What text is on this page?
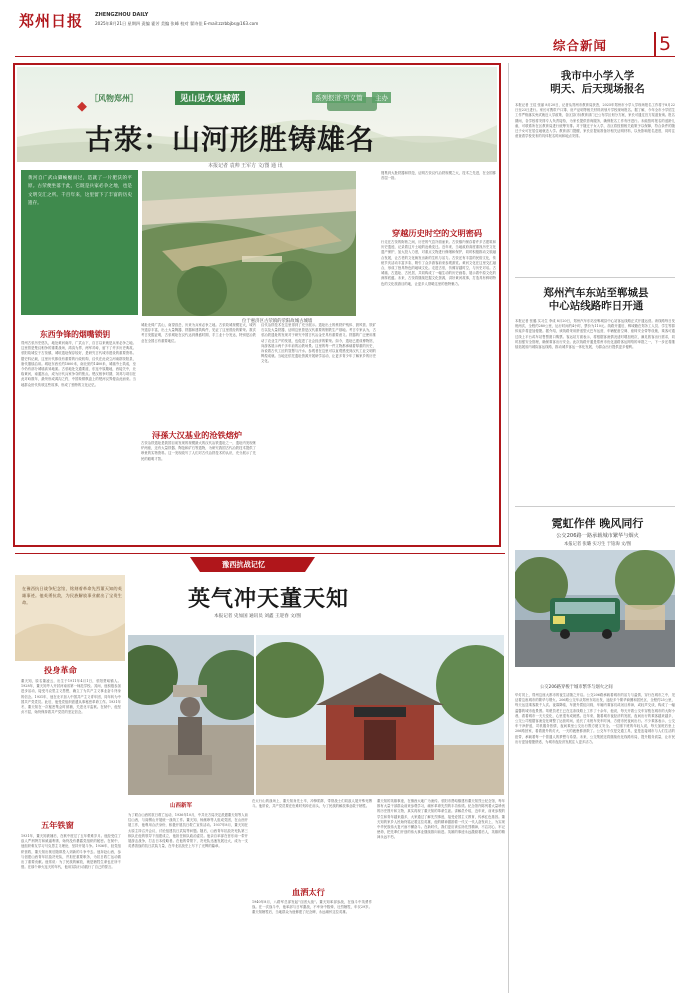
郑州日报 ZHENGZHOU DAILY
2025年8月21日 星期四 责编 霍芳 美编 张峰 校对 翟诗佳 E-mail:zzrbbjbs@163.com
综合新闻	5
［风物郑州］	见山见水见城郭	系列报道·巩义篇	主办
古荥：山河形胜铸雄名
本报记者 袁帅 王军方 文/图 通 讯
黄河自广武山脚蜿蜒而过，造就了一片肥沃的平原。古荥便坐落于此，它既是兵家必争之地，也是文明交汇之所。千百年来，这里留下了丰富的历史遗存。
位于惠济区古荥镇的荥阳故城古城墙
东西争锋的烟嘴锁钥
郑州古荥历史悠久，地处黄河南岸，广武山下，自古以来就是兵家必争之地。这里曾是楚汉相争的重要战场，鸿沟为界，两军对峙，留下了许多历史典故。荥阳故城位于古荥镇，城垣遗址保存较好，是研究古代城市建设的重要资料。据史料记载，这里历代都设有重要的行政机构，汉代在此设立河南郡荥阳县，唐代继续沿用。城址东西长约1800米，南北宽约1400米，城墙夯土筑成，至今仍有部分城墙高耸地面。古荥地处交通要道，东连中原腹地，西接关中，北临黄河，南通嵩山，成为历代兵家争夺的焦点。楚汉相争时期，刘邦与项羽在此对峙数年，最终形成鸿沟之约，中国象棋棋盘上的楚河汉界便由此而来。当地群众世代传颂这些故事，形成了独特的文化记忆。
城址北倚广武山，南望嵩岳，历来为兵家必争之地。古荥故城规模宏大，城内外遗存丰富，出土大量陶器、铁器和建筑构件，见证了这里曾经的繁荣。数次考古发掘证明，古荥城址在汉代达到鼎盛时期，手工业十分发达，特别是冶铁业在全国占有重要地位。
浔孫大汉基业的沧铁熔炉
古荥冶铁遗址是我国目前发现的规模最大的汉代冶铁遗址之一，遗址内发现炼炉两座，还有大量铁器、陶范和矿石等遗物，为研究我国古代冶铁技术提供了珍贵的实物资料。这一发现改写了人们对古代冶铁技术的认识，充分展示了先民的聪明才智。
汉代冶铁技术在这里得到了充分展示。遗址出土的炼铁炉残体、鼓风管、铁矿石以及大量铁器，证明这里曾是汉代重要的钢铁生产基地。考古专家认为，古荥冶铁遗址的发现对于研究中国古代冶金史具有重要意义。铁器的广泛使用推动了农业生产的发展，也促进了社会经济的繁荣。如今，遗址已建成博物馆，向游客展示两千多年前的冶铁场景。这里的每一件文物都承载着厚重的历史，诉说着古代工匠的智慧与汗水。参观者在这里可以直观感受到汉代工业文明的辉煌成就。当地还依托遗址资源开展研学活动，让更多青少年了解家乡的历史文化。
搜集到大批铁器和铁范，证明古荥汉代冶铁规模之大，技术之先进，在全国都首屈一指。
穿越历史时空的文明密码
行走在古荥的街巷之间，历史的气息扑面而来。古荥镇内保存着许多古建筑和历史遗迹，记录着这片土地的沧桑变迁。近年来，当地政府高度重视历史文化遗产保护，加大投入力度，对重点文物进行修缮和保护，同时积极推动文旅融合发展，让古老的文化焕发出新的生机与活力。古荥还有丰富的民俗文化，传统节庆活动丰富多彩，吸引了众多游客前来参观游览。黄河文化在这里交汇融合，形成了独具特色的地域文化。走进古荥，仿佛穿越时空，与历史对话。古城墙、古遗址、古民居，共同构成了一幅生动的历史画卷，展示着中原文化的深厚底蕴。未来，古荥将继续挖掘文化资源，讲好黄河故事，打造具有鲜明特色的文化旅游目的地，让更多人领略这里的独特魅力。
我市中小学入学
明天、后天现场报名
本报记者 王玟 张丽 8月20日，记者从郑州市教育局获悉，2025年郑州市小学入学现场报名工作将于8月22日至23日进行。家长可携带户口簿、房产证明等相关材料到划片学校现场报名。据了解，今年全市小学招生工作严格落实免试就近入学政策，各区县(市)教育部门已公布学区划分方案，家长可通过官方渠道查询。报名期间，各学校将安排专人负责接待，为家长提供咨询服务，确保报名工作有序进行。未能按时报名的适龄儿童，可联系所在区教育局进行统筹安排。对于随迁子女入学，各区将按照相关政策予以保障，符合条件的随迁子女可在居住地就近入学。教育部门提醒，家长应提前准备好相关证明材料，以免影响报名进度，同时注意查看学校发布的具体报名时间和地点安排。
郑州汽车东站至郸城县
中心站线路昨日开通
本报记者 张璐 实习生 李成 8月20日，郑州汽车东站至郸城县中心站客运线路正式开通运营。该线路每日发班两次，全程约280公里，运行时间约4小时，票价为110元。线路开通后，郸城籍在郑务工人员、学生等群体返乡将更加便捷。据介绍，该线路采用舒适型大巴车运营，车辆配备空调、座椅安全带等设施，乘客可通过线上平台或车站售票窗口购票。客运站方面表示，将根据客流情况适时增加班次，满足旅客出行需求，同时加强安全管理，确保乘客出行安全。此次线路开通是郑州市优化道路客运网络的举措之一，下一步还将继续拓展省内城际客运线路，推动城乡客运一体化发展，为群众出行提供更多便利。
霓虹作伴 晚风同行
公交206路一路承载城市繁华与烟火
本报记者 张璐 实习生 于铂淘 文/图
公交206路穿梭于城市繁华与烟火之间
华灯初上，郑州这座大都市的夜生活随之开启。公交206路承载着城市的活力与温情，穿行在城市之中，见证着这座城市的繁华与烟火。206路公交车从郑州东站出发，途经多个繁华商圈和居民区，全程约25公里，每天运送乘客数千人次。夜幕降临，车窗外霓虹闪烁，车厢内乘客们或闭目养神，或轻声交谈，构成了一幅温馨的城市夜景图。驾驶员老王已在这条线路上工作了十余年，他说，每天开着公交车穿梭在城市的大街小巷，看着城市一天天变化，心里很有成就感。近年来，随着城市夜经济的发展，夜间出行的乘客越来越多，公交公司根据客流变化调整了运营时间，延长了末班车发车时间，方便市民夜间出行。不少乘客表示，公交车干净舒适，司机服务热情，夜间乘坐公交出行既方便又安全。一位刚下班的年轻人说，每天加班后坐上206路回家，看着窗外的灯火，一天的疲惫都消散了。公交车不仅是交通工具，更是连接城市与人们生活的纽带，承载着每一个普通人的梦想与希望。未来，公交集团还将继续优化线路布局，提升服务质量，让市民出行更加便捷舒适，为城市夜经济发展注入更多活力。
豫西抗战记忆
在豫西抗日战争纪念馆，铭刻着革命先烈董天知的英雄事迹。他英勇抗敌，为民族解放事业献出了宝贵生命。	英气冲天董天知
本报记者 史加国 通讯员 刘鑫 王迎春 文/图
投身革命
董天知，原名董凌云，出生于1911年4月1日，荥阳贾峪镇人。1928年，董天知考入开封河南省第一师范学校。其间，他积极参加进步活动，接受马克思主义思想，确立了为共产主义事业奋斗终身的信念。1931年，他在北平加入中国共产主义青年团，同年转为中国共产党党员。此后，他受党组织派遣从事秘密革命工作。1931年冬，董天知在一次秘密集会时被捕，关进北平监狱。在狱中，他坚贞不屈，始终保持着共产党员的坚定信念。
五年铁窗
1931年，董天知被捕后，在狱中度过了五年艰难岁月。他经受住了敌人严刑拷打和威逼利诱，始终没有暴露党组织的秘密。在狱中，他组织难友学习马克思主义理论，坚持开展斗争。1936年，经党组织营救，董天知出狱后随即投入到新的斗争中去。他奔赴山西，参与创建山西青年抗敌决死队，并担任重要职务，为抗日救亡运动做出了重要贡献。他常说：为了民族的解放，就是牺牲生命也在所不惜。在那个烽火连天的年代，他用实际行动践行了自己的誓言。
山西新军
为了联合山西的抗日救亡运动，1936年10月，中共北方局决定派遣董天知等人前往山西，与阎锡山开展统一战线工作。董天知、杨献珍等人组成党团，在山西开展工作，他利用合法身份，积极开展抗日救亡宣传活动。1937年8月，董天知在太原主持召开会议，讨论组建抗日武装等问题。随后，山西青年抗敌决死队第三纵队在他的领导下组建成立，他担任纵队政治委员。他亲自率部在晋东南一带开展游击战争，打击日本侵略者。在他的带领下，决死队迅速发展壮大，成为一支英勇善战的抗日武装力量，在华北抗战史上写下了光辉的篇章。
在太行山的战场上，董天知身先士卒，冲锋陷阵，带领战士们同敌人展开殊死搏斗。他常说，共产党员要在危难时刻冲在前头，为了民族的解放事业敢于牺牲。
血洒太行
1940年8月，八路军总部发起"百团大战"。董天知率部参战，在战斗中英勇作战。在一次战斗中，他率部与日军激战，不幸身中数弹，壮烈牺牲，年仅29岁。董天知牺牲后，当地群众为他修建了纪念碑，永远缅怀这位英雄。
董天知的英雄事迹，在豫西大地广为流传。荥阳市贾峪镇建有董天知烈士纪念馆，每年都有大量干部群众前来参观学习，缅怀革命先烈的丰功伟绩。纪念馆内陈列着大量珍贵的历史图片和文物，真实再现了董天知的革命生涯。讲解员介绍，近年来，前来参观的学生和青年越来越多，大家通过了解先烈事迹，接受爱国主义教育，传承红色基因。董天知的家乡人民始终铭记着这位英雄，他的精神激励着一代又一代人奋发向上，为实现中华民族伟大复兴而不懈奋斗。在新时代，我们更应该弘扬先烈精神，不忘初心、牢记使命，把先辈们开创的伟大事业继续推向前进。英雄的事迹永远激励着后人，英雄的精神永远不朽。
